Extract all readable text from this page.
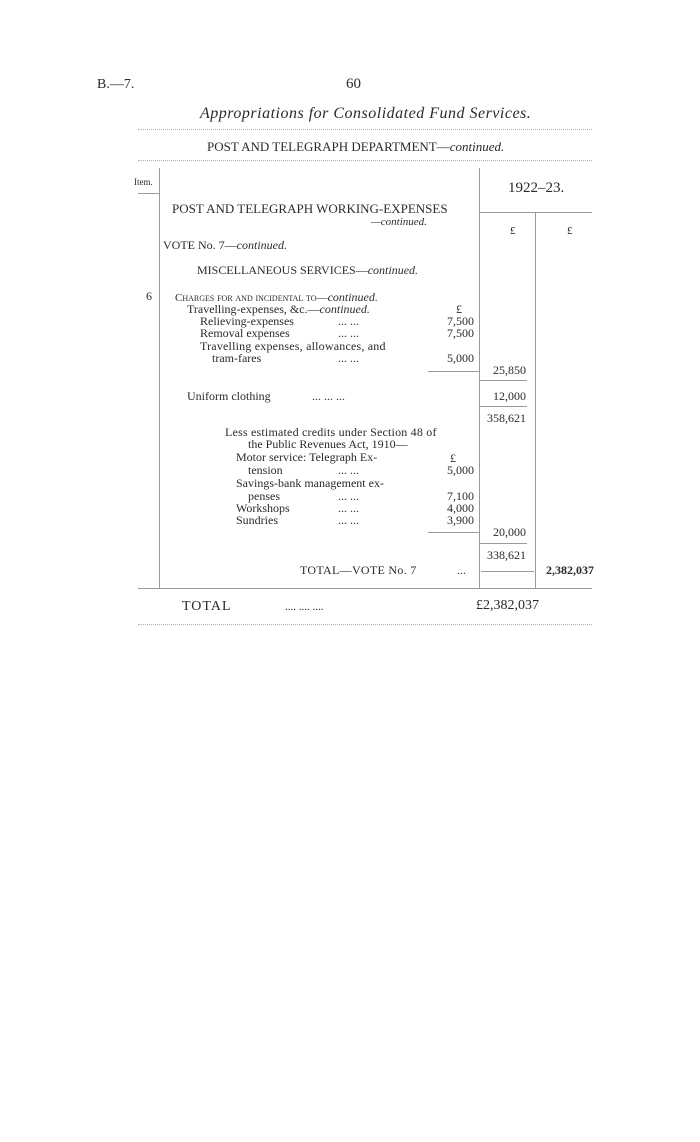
B.—7.	60
Appropriations for Consolidated Fund Services.
POST AND TELEGRAPH DEPARTMENT—continued.
Item.	1922–23.
£	£
POST AND TELEGRAPH WORKING-EXPENSES
—continued.
VOTE No. 7—continued.
MISCELLANEOUS SERVICES—continued.
6 Charges for and incidental to—continued.
Travelling-expenses, &c.—continued.	£
Relieving-expenses	... ...	7,500
Removal expenses	... ...	7,500
Travelling expenses, allowances, and
tram-fares	... ...	5,000
25,850
Uniform clothing	... ... ...	12,000
358,621
Less estimated credits under Section 48 of
the Public Revenues Act, 1910—
£
Motor service: Telegraph Ex-
tension	... ...	5,000
Savings-bank management ex-
penses	... ...	7,100
Workshops	... ...	4,000
Sundries	... ...	3,900
20,000
338,621
TOTAL—VOTE No. 7	...	2,382,037
TOTAL	.... .... ....	£2,382,037
